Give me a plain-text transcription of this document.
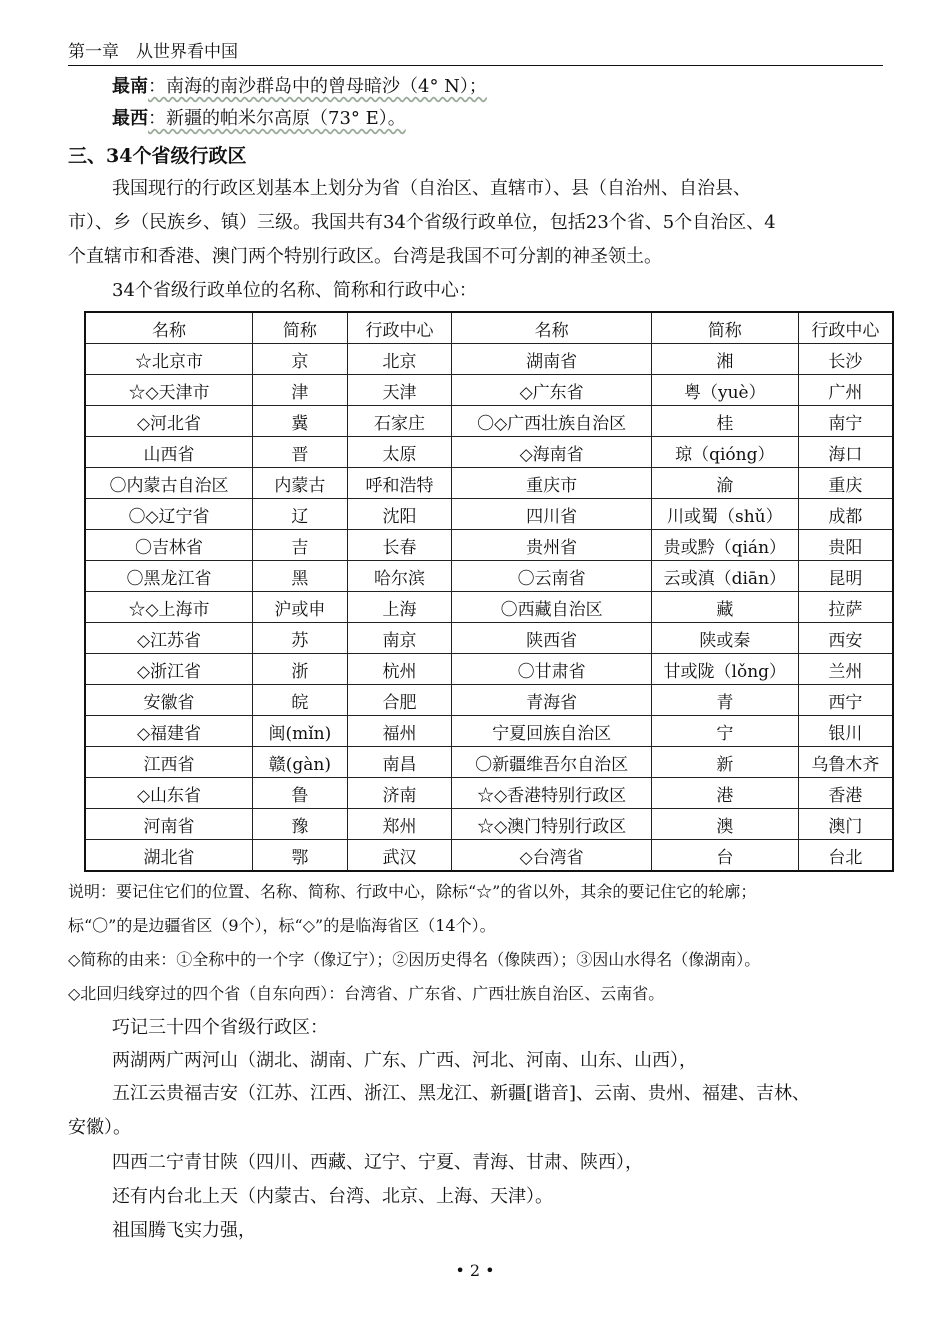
第一章　从世界看中国
最南：南海的南沙群岛中的曾母暗沙（4° N）；
最西：新疆的帕米尔高原（73° E）。
三、34个省级行政区
我国现行的行政区划基本上划分为省（自治区、直辖市）、县（自治州、自治县、
市）、乡（民族乡、镇）三级。我国共有34个省级行政单位，包括23个省、5个自治区、4
个直辖市和香港、澳门两个特别行政区。台湾是我国不可分割的神圣领土。
34个省级行政单位的名称、简称和行政中心：
名称	简称	行政中心	名称	简称	行政中心
☆北京市	京	北京	湖南省	湘	长沙
☆◇天津市	津	天津	◇广东省	粤（yuè）	广州
◇河北省	冀	石家庄	〇◇广西壮族自治区	桂	南宁
山西省	晋	太原	◇海南省	琼（qióng）	海口
〇内蒙古自治区	内蒙古	呼和浩特	重庆市	渝	重庆
〇◇辽宁省	辽	沈阳	四川省	川或蜀（shǔ）	成都
〇吉林省	吉	长春	贵州省	贵或黔（qián）	贵阳
〇黑龙江省	黑	哈尔滨	〇云南省	云或滇（diān）	昆明
☆◇上海市	沪或申	上海	〇西藏自治区	藏	拉萨
◇江苏省	苏	南京	陕西省	陕或秦	西安
◇浙江省	浙	杭州	〇甘肃省	甘或陇（lǒng）	兰州
安徽省	皖	合肥	青海省	青	西宁
◇福建省	闽(mǐn)	福州	宁夏回族自治区	宁	银川
江西省	赣(gàn)	南昌	〇新疆维吾尔自治区	新	乌鲁木齐
◇山东省	鲁	济南	☆◇香港特别行政区	港	香港
河南省	豫	郑州	☆◇澳门特别行政区	澳	澳门
湖北省	鄂	武汉	◇台湾省	台	台北
说明：要记住它们的位置、名称、简称、行政中心，除标“☆”的省以外，其余的要记住它的轮廓；
标“〇”的是边疆省区（9个），标“◇”的是临海省区（14个）。
◇简称的由来：①全称中的一个字（像辽宁）；②因历史得名（像陕西）；③因山水得名（像湖南）。
◇北回归线穿过的四个省（自东向西）：台湾省、广东省、广西壮族自治区、云南省。
巧记三十四个省级行政区：
两湖两广两河山（湖北、湖南、广东、广西、河北、河南、山东、山西），
五江云贵福吉安（江苏、江西、浙江、黑龙江、新疆[谐音]、云南、贵州、福建、吉林、
安徽）。
四西二宁青甘陕（四川、西藏、辽宁、宁夏、青海、甘肃、陕西），
还有内台北上天（内蒙古、台湾、北京、上海、天津）。
祖国腾飞实力强，
• 2 •
